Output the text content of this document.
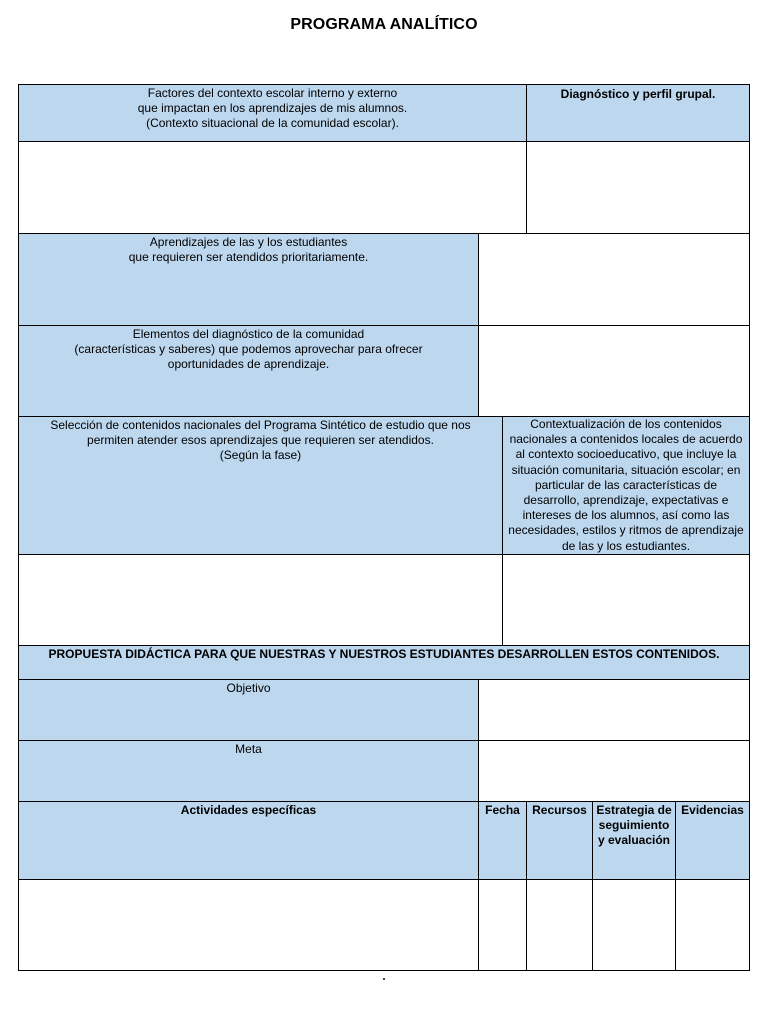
PROGRAMA ANALÍTICO
Factores del contexto escolar interno y externo
que impactan en los aprendizajes de mis alumnos.
(Contexto situacional de la comunidad escolar).
Diagnóstico y perfil grupal.
Aprendizajes de las y los estudiantes
que requieren ser atendidos prioritariamente.
Elementos del diagnóstico de la comunidad
(características y saberes) que podemos aprovechar para ofrecer oportunidades de aprendizaje.
Selección de contenidos nacionales del Programa Sintético de estudio que nos permiten atender esos aprendizajes que requieren ser atendidos.
(Según la fase)
Contextualización de los contenidos nacionales a contenidos locales de acuerdo al contexto socioeducativo, que incluye la situación comunitaria, situación escolar; en particular de las características de desarrollo, aprendizaje, expectativas e intereses de los alumnos, así como las necesidades, estilos y ritmos de aprendizaje de las y los estudiantes.
PROPUESTA DIDÁCTICA PARA QUE NUESTRAS Y NUESTROS ESTUDIANTES DESARROLLEN ESTOS CONTENIDOS.
Objetivo
Meta
Actividades específicas	Fecha	Recursos Estrategia de seguimiento y evaluación
Evidencias
